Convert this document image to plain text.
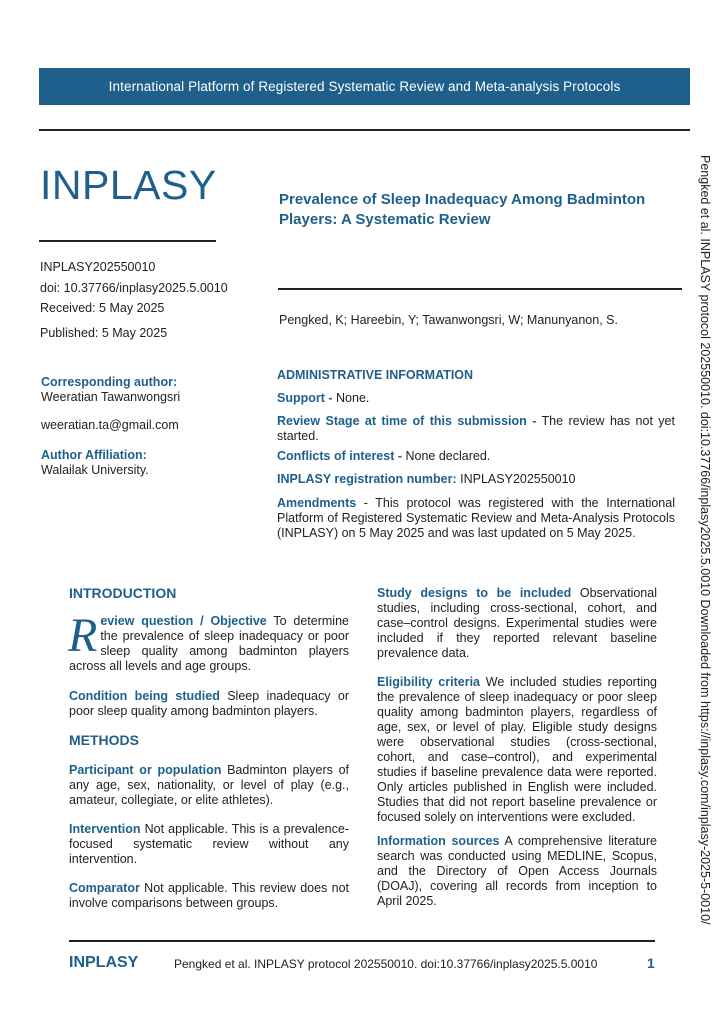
International Platform of Registered Systematic Review and Meta-analysis Protocols
INPLASY
INPLASY202550010
doi: 10.37766/inplasy2025.5.0010
Received: 5 May 2025
Published: 5 May 2025
Corresponding author:
Weeratian Tawanwongsri
weeratian.ta@gmail.com
Author Affiliation:
Walailak University.
Prevalence of Sleep Inadequacy Among Badminton Players: A Systematic Review
Pengked, K; Hareebin, Y; Tawanwongsri, W; Manunyanon, S.
ADMINISTRATIVE INFORMATION
Support - None.
Review Stage at time of this submission - The review has not yet started.
Conflicts of interest - None declared.
INPLASY registration number: INPLASY202550010
Amendments - This protocol was registered with the International Platform of Registered Systematic Review and Meta-Analysis Protocols (INPLASY) on 5 May 2025 and was last updated on 5 May 2025.
INTRODUCTION
Review question / Objective To determine the prevalence of sleep inadequacy or poor sleep quality among badminton players across all levels and age groups.
Condition being studied Sleep inadequacy or poor sleep quality among badminton players.
METHODS
Participant or population Badminton players of any age, sex, nationality, or level of play (e.g., amateur, collegiate, or elite athletes).
Intervention Not applicable. This is a prevalence-focused systematic review without any intervention.
Comparator Not applicable. This review does not involve comparisons between groups.
Study designs to be included Observational studies, including cross-sectional, cohort, and case–control designs. Experimental studies were included if they reported relevant baseline prevalence data.
Eligibility criteria We included studies reporting the prevalence of sleep inadequacy or poor sleep quality among badminton players, regardless of age, sex, or level of play. Eligible study designs were observational studies (cross-sectional, cohort, and case–control), and experimental studies if baseline prevalence data were reported. Only articles published in English were included. Studies that did not report baseline prevalence or focused solely on interventions were excluded.
Information sources A comprehensive literature search was conducted using MEDLINE, Scopus, and the Directory of Open Access Journals (DOAJ), covering all records from inception to April 2025.	Pengked et al. INPLASY protocol 202550010. doi:10.37766/inplasy2025.5.0010 Downloaded from https://inplasy.com/inplasy-2025-5-0010/
INPLASY	Pengked et al. INPLASY protocol 202550010. doi:10.37766/inplasy2025.5.0010	1
